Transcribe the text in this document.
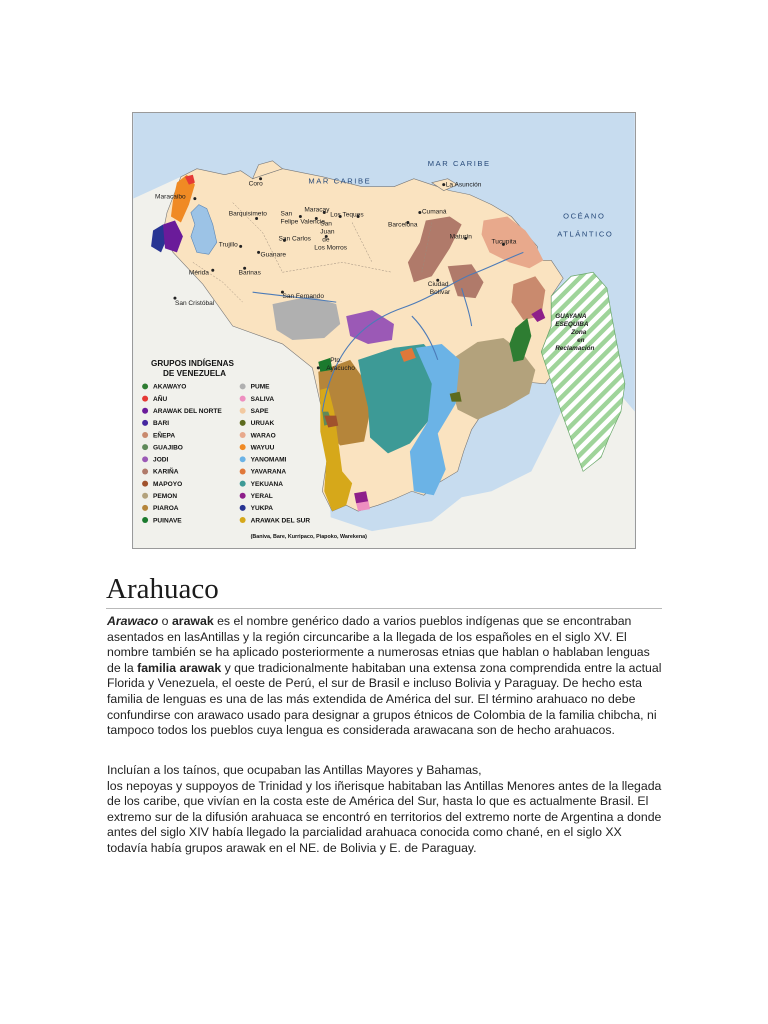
MAR CARIBE
MAR CARIBE
OCÉANO
ATLÁNTICO
Coro
Maracaibo
La Asunción
Barquisimeto San
Felipe
Maracay
Valencia
Los Teques	Cumaná
Barcelona
Maturín
Tucupita
Trujillo
Guanare
San Carlos
San
Juan
de
Los Morros
Mérida	Barinas
San Cristóbal
San Fernando
Ciudad
Bolívar
Pto.
Ayacucho
GUAYANA
ESEQUIBA
Zona
en
Reclamación
GRUPOS INDÍGENAS
DE VENEZUELA
AKAWAYO
AÑU
ARAWAK DEL NORTE
BARI
EÑEPA
GUAJIBO
JODI
KARIÑA
MAPOYO
PEMON
PIAROA
PUINAVE
PUME
SALIVA
SAPE
URUAK
WARAO
WAYUU
YANOMAMI
YAVARANA
YEKUANA
YERAL
YUKPA
ARAWAK DEL SUR
(Baniva, Bare, Kurripaco, Piapoko, Warekena)
Arahuaco

Arawaco o arawak es el nombre genérico dado a varios pueblos indígenas que se encontraban asentados en lasAntillas y la región circuncaribe a la llegada de los españoles en el siglo XV. El nombre también se ha aplicado posteriormente a numerosas etnias que hablan o hablaban lenguas de la familia arawak y que tradicionalmente habitaban una extensa zona comprendida entre la actual Florida y Venezuela, el oeste de Perú, el sur de Brasil e incluso Bolivia y Paraguay. De hecho esta familia de lenguas es una de las más extendida de América del sur. El término arahuaco no debe confundirse con arawaco usado para designar a grupos étnicos de Colombia de la familia chibcha, ni tampoco todos los pueblos cuya lengua es considerada arawacana son de hecho arahuacos.

Incluían a los taínos, que ocupaban las Antillas Mayores y Bahamas,
los nepoyas y suppoyos de Trinidad y los iñerisque habitaban las Antillas Menores antes de la llegada de los caribe, que vivían en la costa este de América del Sur, hasta lo que es actualmente Brasil. El extremo sur de la difusión arahuaca se encontró en territorios del extremo norte de Argentina a donde antes del siglo XIV había llegado la parcialidad arahuaca conocida como chané, en el siglo XX todavía había grupos arawak en el NE. de Bolivia y E. de Paraguay.
